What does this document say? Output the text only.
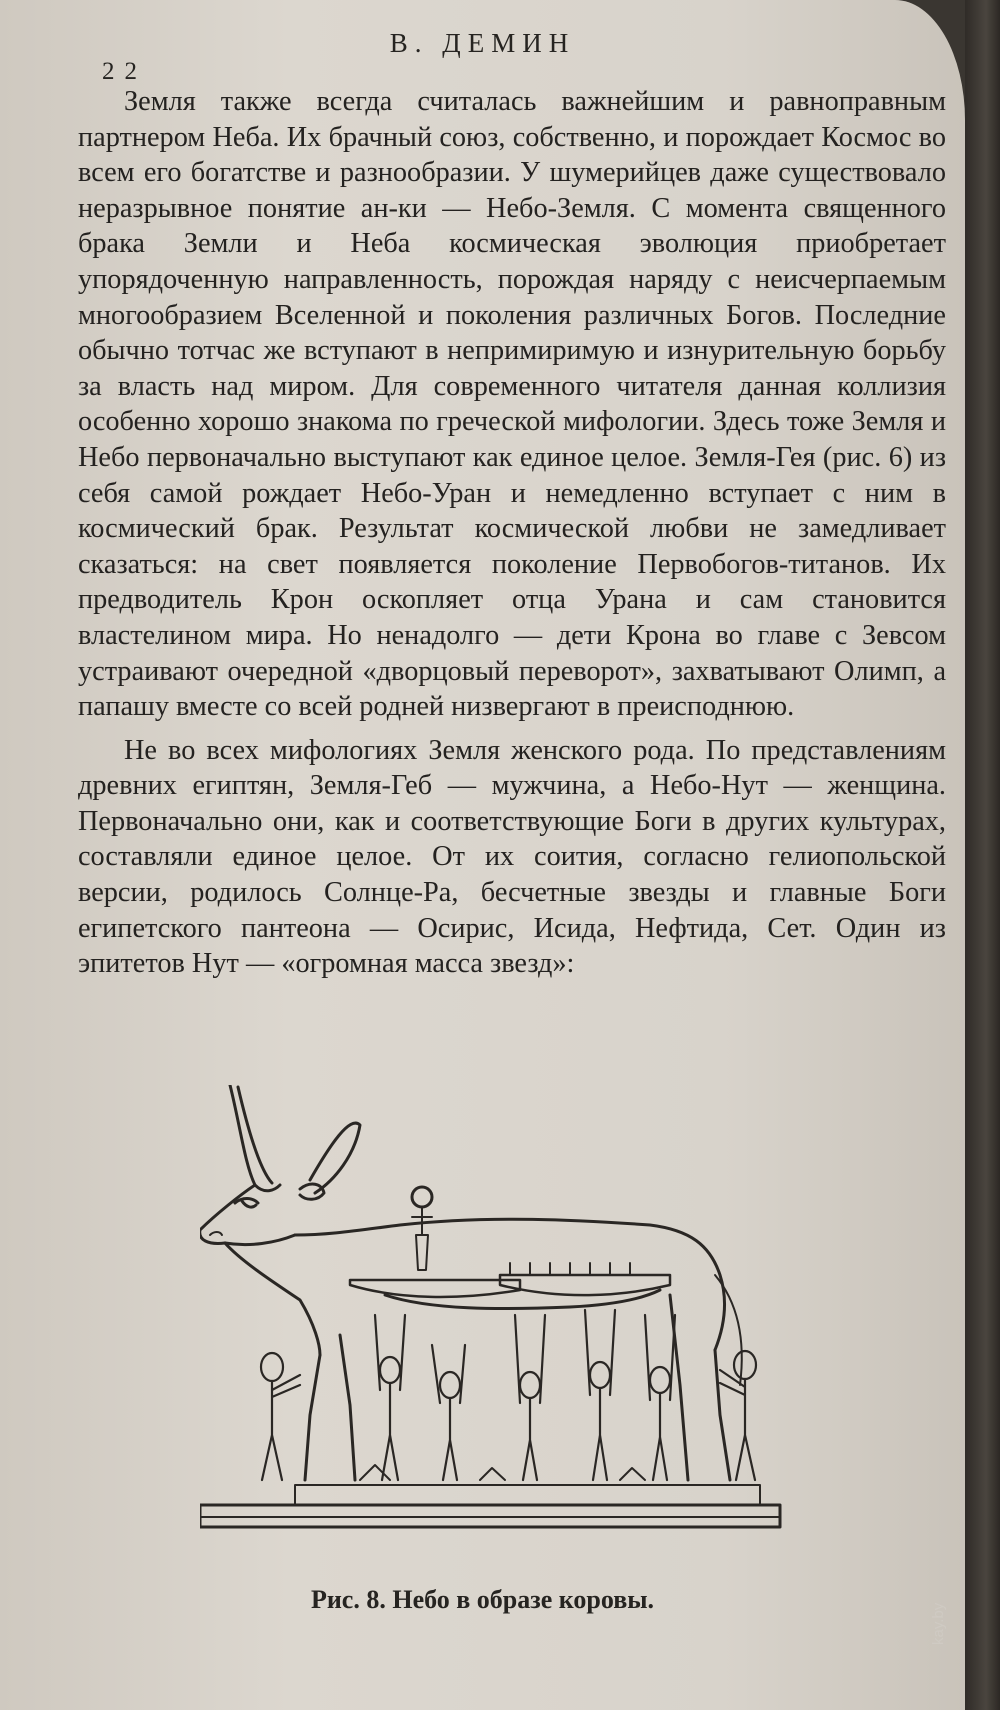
В. ДЕМИН
22

Земля также всегда считалась важнейшим и равноправным партнером Неба. Их брачный союз, собственно, и порождает Космос во всем его богатстве и разнообразии. У шумерийцев даже существовало неразрывное понятие ан-ки — Небо-Земля. С момента священного брака Земли и Неба космическая эволюция приобретает упорядоченную направленность, порождая наряду с неисчерпаемым многообразием Вселенной и поколения различных Богов. Последние обычно тотчас же вступают в непримиримую и изнурительную борьбу за власть над миром. Для современного читателя данная коллизия особенно хорошо знакома по греческой мифологии. Здесь тоже Земля и Небо первоначально выступают как единое целое. Земля-Гея (рис. 6) из себя самой рождает Небо-Уран и немедленно вступает с ним в космический брак. Результат космической любви не замедливает сказаться: на свет появляется поколение Первобогов-титанов. Их предводитель Крон оскопляет отца Урана и сам становится властелином мира. Но ненадолго — дети Крона во главе с Зевсом устраивают очередной «дворцовый переворот», захватывают Олимп, а папашу вместе со всей родней низвергают в преисподнюю.

Не во всех мифологиях Земля женского рода. По представлениям древних египтян, Земля-Геб — мужчина, а Небо-Нут — женщина. Первоначально они, как и соответствующие Боги в других культурах, составляли единое целое. От их соития, согласно гелиопольской версии, родилось Солнце-Ра, бесчетные звезды и главные Боги египетского пантеона — Осирис, Исида, Нефтида, Сет. Один из эпитетов Нут — «огромная масса звезд»:

Рис. 8. Небо в образе коровы.
kay.by
